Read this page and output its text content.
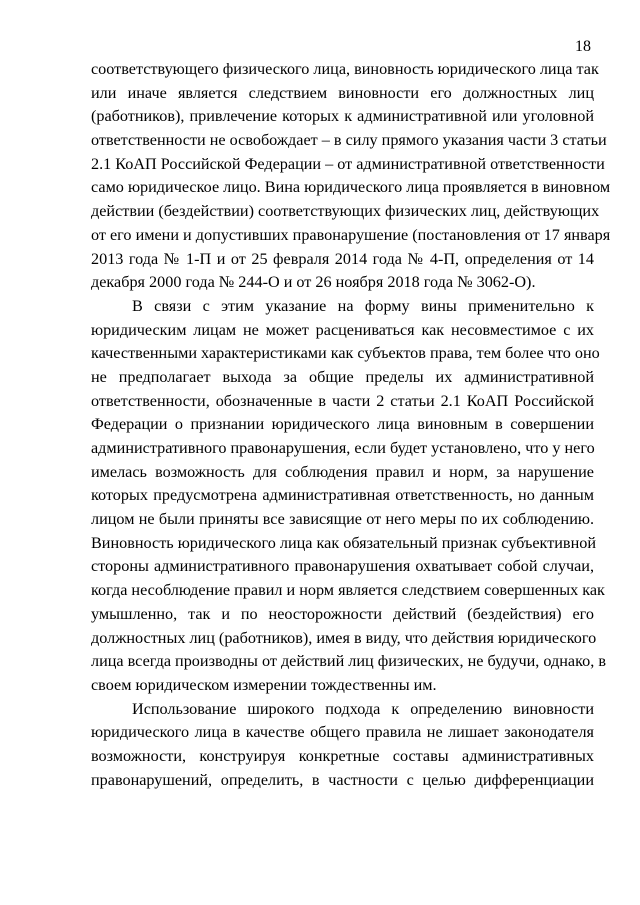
18
соответствующего физического лица, виновность юридического лица так
или иначе является следствием виновности его должностных лиц
(работников), привлечение которых к административной или уголовной
ответственности не освобождает – в силу прямого указания части 3 статьи
2.1 КоАП Российской Федерации – от административной ответственности
само юридическое лицо. Вина юридического лица проявляется в виновном
действии (бездействии) соответствующих физических лиц, действующих
от его имени и допустивших правонарушение (постановления от 17 января
2013 года № 1-П и от 25 февраля 2014 года № 4-П, определения от 14
декабря 2000 года № 244-О и от 26 ноября 2018 года № 3062-О).
В связи с этим указание на форму вины применительно к
юридическим лицам не может расцениваться как несовместимое с их
качественными характеристиками как субъектов права, тем более что оно
не предполагает выхода за общие пределы их административной
ответственности, обозначенные в части 2 статьи 2.1 КоАП Российской
Федерации о признании юридического лица виновным в совершении
административного правонарушения, если будет установлено, что у него
имелась возможность для соблюдения правил и норм, за нарушение
которых предусмотрена административная ответственность, но данным
лицом не были приняты все зависящие от него меры по их соблюдению.
Виновность юридического лица как обязательный признак субъективной
стороны административного правонарушения охватывает собой случаи,
когда несоблюдение правил и норм является следствием совершенных как
умышленно, так и по неосторожности действий (бездействия) его
должностных лиц (работников), имея в виду, что действия юридического
лица всегда производны от действий лиц физических, не будучи, однако, в
своем юридическом измерении тождественны им.
Использование широкого подхода к определению виновности
юридического лица в качестве общего правила не лишает законодателя
возможности, конструируя конкретные составы административных
правонарушений, определить, в частности с целью дифференциации
